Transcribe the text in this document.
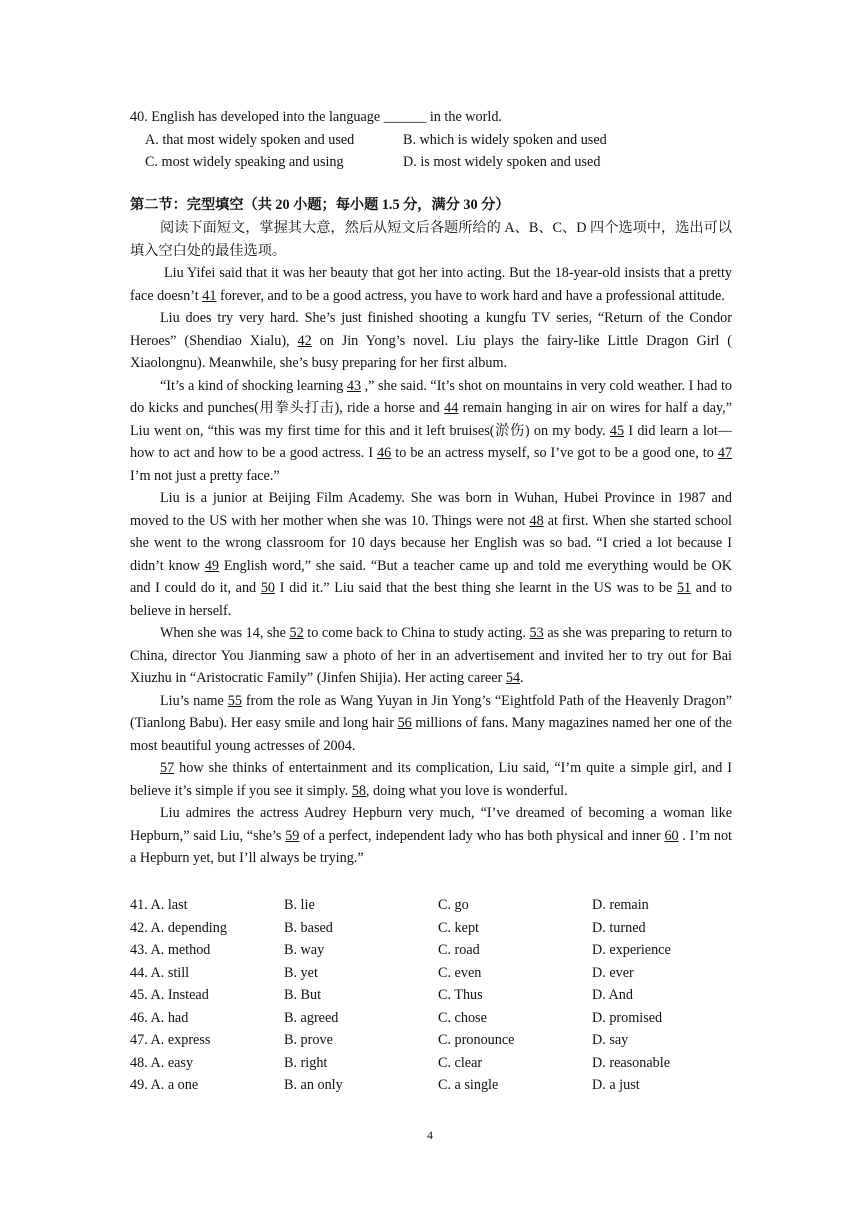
40. English has developed into the language ______ in the world.
A. that most widely spoken and used	B. which is widely spoken and used
C. most widely speaking and using	D. is most widely spoken and used
第二节：完型填空（共 20 小题；每小题 1.5 分，满分 30 分）
阅读下面短文，掌握其大意，然后从短文后各题所给的 A、B、C、D 四个选项中，选出可以填入空白处的最佳选项。

Liu Yifei said that it was her beauty that got her into acting. But the 18-year-old insists that a pretty face doesn’t 41 forever, and to be a good actress, you have to work hard and have a professional attitude.

Liu does try very hard. She’s just finished shooting a kungfu TV series, “Return of the Condor Heroes” (Shendiao Xialu), 42 on Jin Yong’s novel. Liu plays the fairy-like Little Dragon Girl ( Xiaolongnu). Meanwhile, she’s busy preparing for her first album.

“It’s a kind of shocking learning 43 ,” she said. “It’s shot on mountains in very cold weather. I had to do kicks and punches(用拳头打击), ride a horse and 44 remain hanging in air on wires for half a day,” Liu went on, “this was my first time for this and it left bruises(淤伤) on my body. 45 I did learn a lot—how to act and how to be a good actress. I 46 to be an actress myself, so I’ve got to be a good one, to 47 I’m not just a pretty face.”

Liu is a junior at Beijing Film Academy. She was born in Wuhan, Hubei Province in 1987 and moved to the US with her mother when she was 10. Things were not 48 at first. When she started school she went to the wrong classroom for 10 days because her English was so bad. “I cried a lot because I didn’t know 49 English word,” she said. “But a teacher came up and told me everything would be OK and I could do it, and 50 I did it.” Liu said that the best thing she learnt in the US was to be 51 and to believe in herself.

When she was 14, she 52 to come back to China to study acting. 53 as she was preparing to return to China, director You Jianming saw a photo of her in an advertisement and invited her to try out for Bai Xiuzhu in “Aristocratic Family” (Jinfen Shijia). Her acting career 54.

Liu’s name 55 from the role as Wang Yuyan in Jin Yong’s “Eightfold Path of the Heavenly Dragon” (Tianlong Babu). Her easy smile and long hair 56 millions of fans. Many magazines named her one of the most beautiful young actresses of 2004.

57 how she thinks of entertainment and its complication, Liu said, “I’m quite a simple girl, and I believe it’s simple if you see it simply. 58, doing what you love is wonderful.

Liu admires the actress Audrey Hepburn very much, “I’ve dreamed of becoming a woman like Hepburn,” said Liu, “she’s 59 of a perfect, independent lady who has both physical and inner 60 . I’m not a Hepburn yet, but I’ll always be trying.”

41. A. last	B. lie	C. go	D. remain
42. A. depending	B. based	C. kept	D. turned
43. A. method	B. way	C. road	D. experience
44. A. still	B. yet	C. even	D. ever
45. A. Instead	B. But	C. Thus	D. And
46. A. had	B. agreed	C. chose	D. promised
47. A. express	B. prove	C. pronounce	D. say
48. A. easy	B. right	C. clear	D. reasonable
49. A. a one	B. an only	C. a single	D. a just
4
